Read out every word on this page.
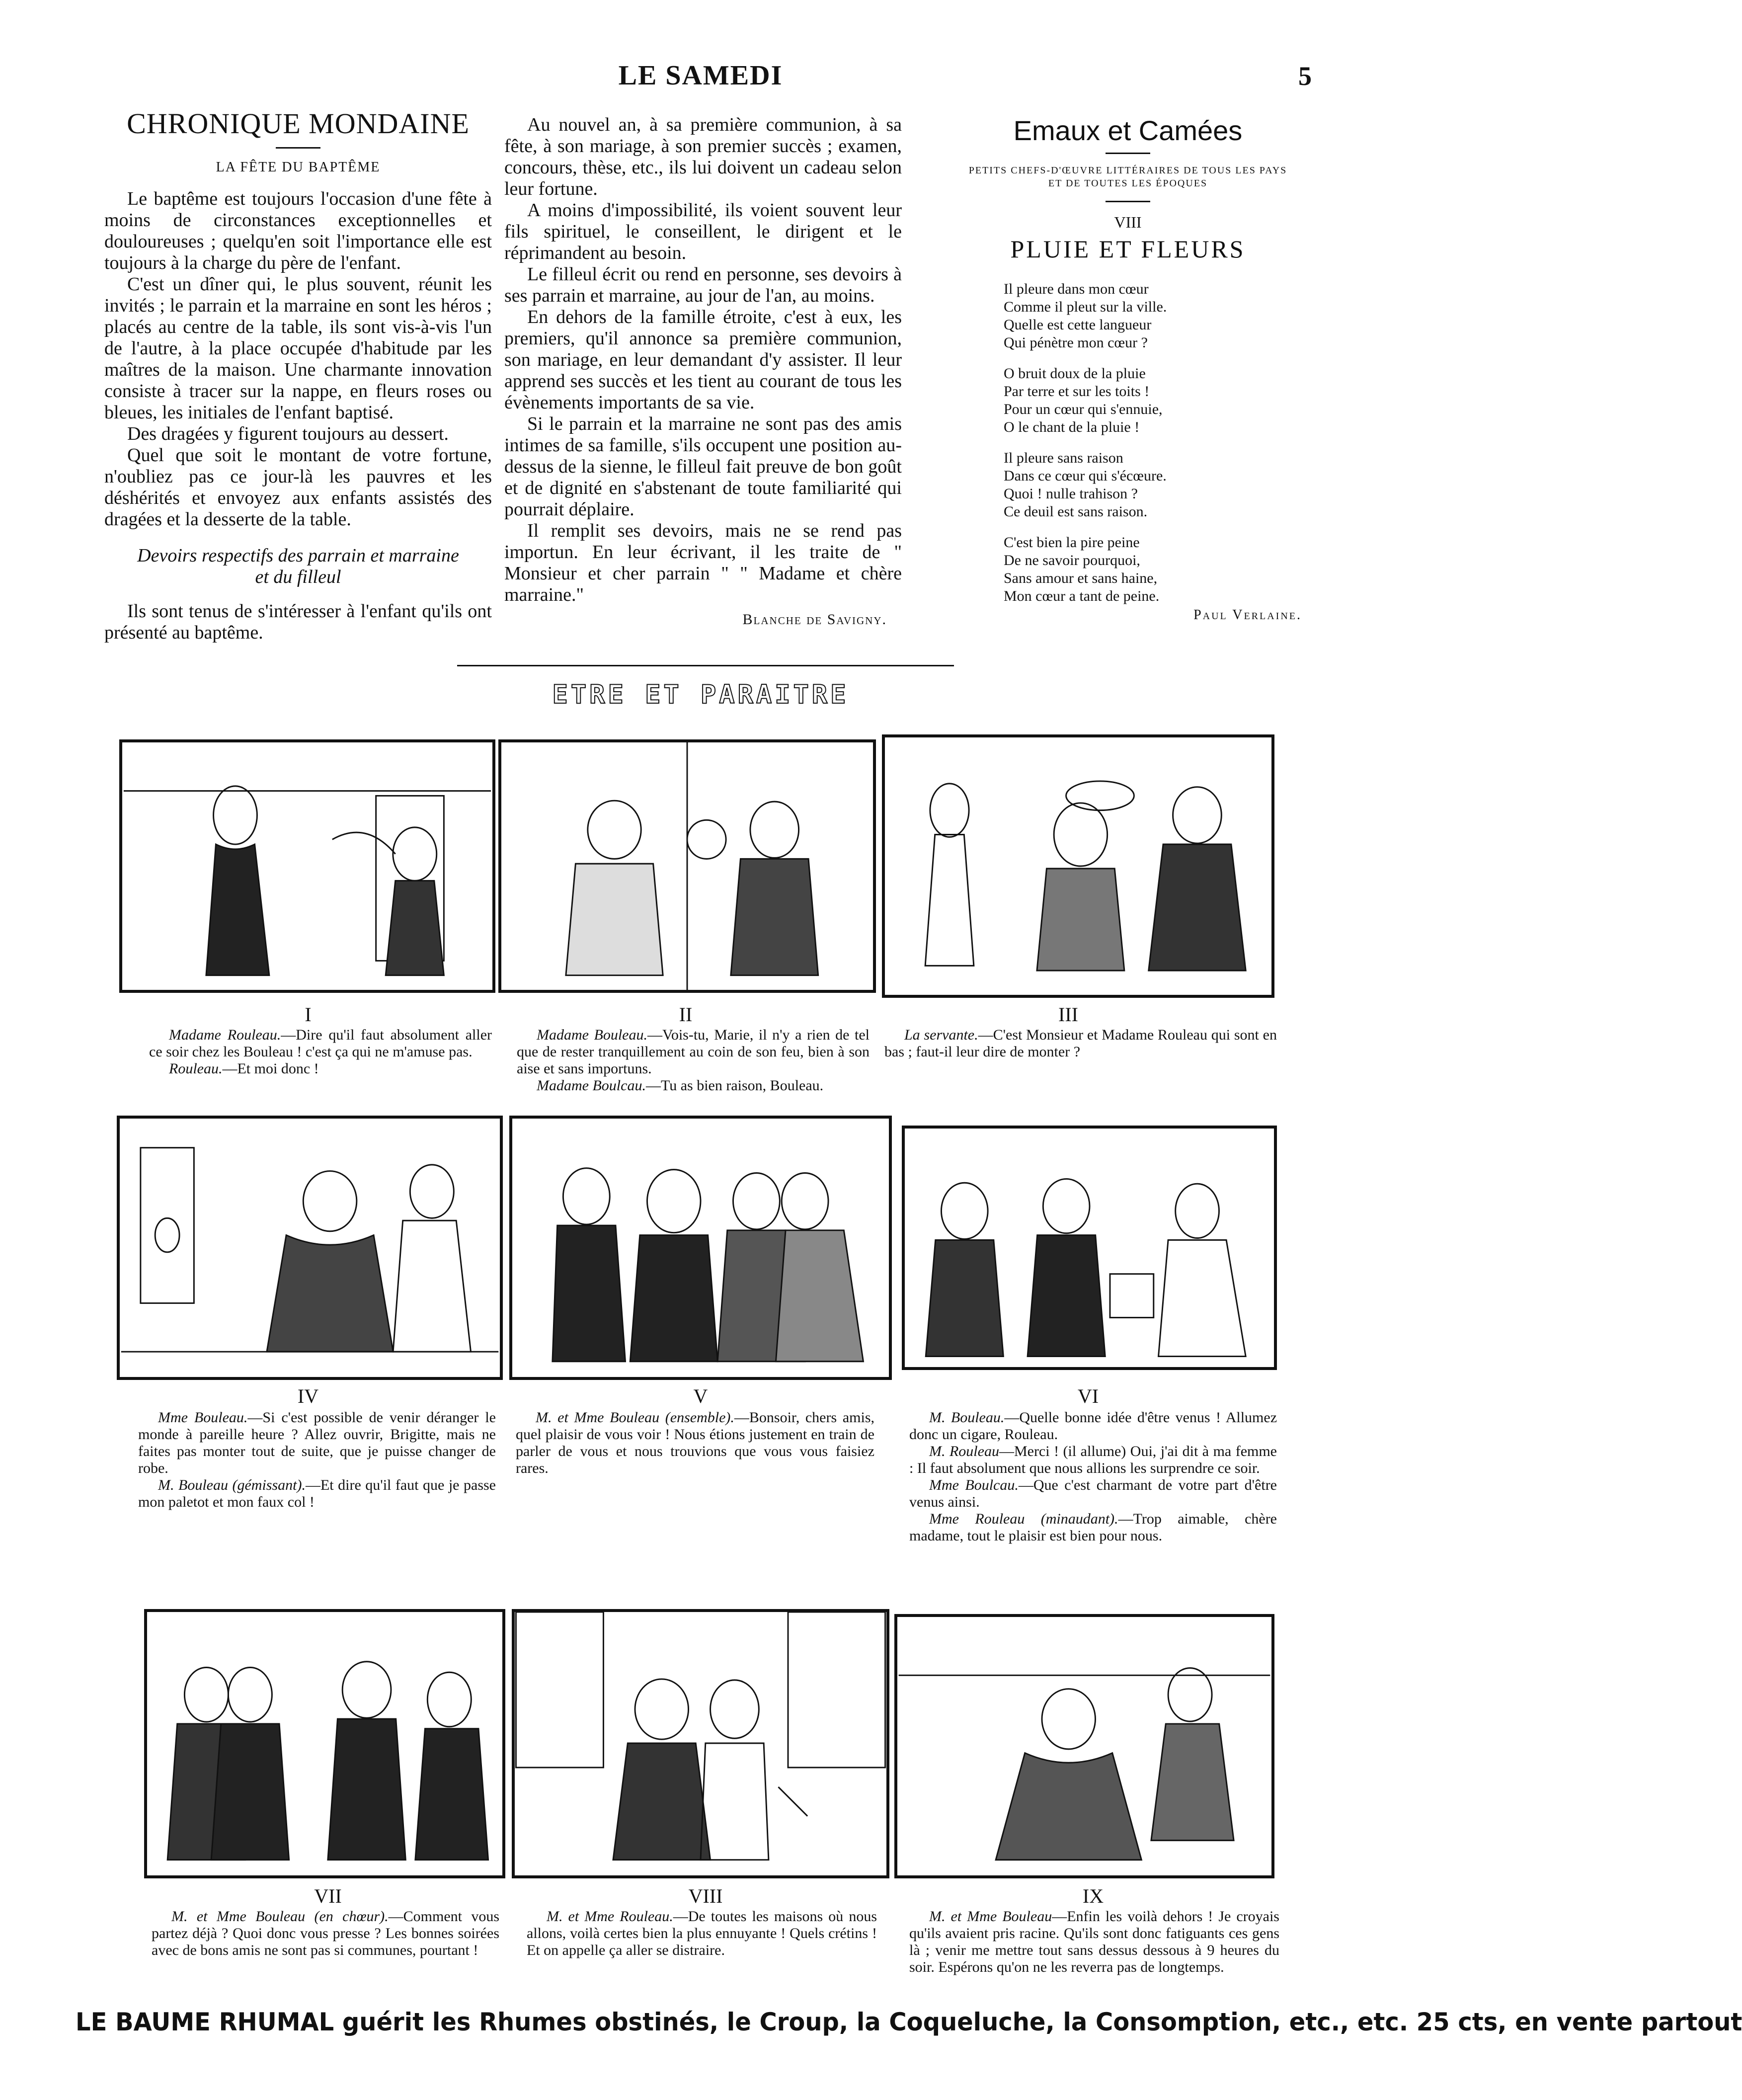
LE SAMEDI	5
CHRONIQUE MONDAINE
LA FÊTE DU BAPTÊME

Le baptême est toujours l'occasion d'une fête à moins de circonstances exceptionnelles et douloureuses ; quelqu'en soit l'importance elle est toujours à la charge du père de l'enfant.

C'est un dîner qui, le plus souvent, réunit les invités ; le parrain et la marraine en sont les héros ; placés au centre de la table, ils sont vis-à-vis l'un de l'autre, à la place occupée d'habitude par les maîtres de la maison. Une charmante innovation consiste à tracer sur la nappe, en fleurs roses ou bleues, les initiales de l'enfant baptisé.

Des dragées y figurent toujours au dessert.

Quel que soit le montant de votre fortune, n'oubliez pas ce jour-là les pauvres et les déshérités et envoyez aux enfants assistés des dragées et la desserte de la table.

Devoirs respectifs des parrain et marraine
et du filleul

Ils sont tenus de s'intéresser à l'enfant qu'ils ont présenté au baptême.

Au nouvel an, à sa première communion, à sa fête, à son mariage, à son premier succès ; examen, concours, thèse, etc., ils lui doivent un cadeau selon leur fortune.

A moins d'impossibilité, ils voient souvent leur fils spirituel, le conseillent, le dirigent et le réprimandent au besoin.

Le filleul écrit ou rend en personne, ses devoirs à ses parrain et marraine, au jour de l'an, au moins.

En dehors de la famille étroite, c'est à eux, les premiers, qu'il annonce sa première communion, son mariage, en leur demandant d'y assister. Il leur apprend ses succès et les tient au courant de tous les évènements importants de sa vie.

Si le parrain et la marraine ne sont pas des amis intimes de sa famille, s'ils occupent une position au-dessus de la sienne, le filleul fait preuve de bon goût et de dignité en s'abstenant de toute familiarité qui pourrait déplaire.

Il remplit ses devoirs, mais ne se rend pas importun. En leur écrivant, il les traite de " Monsieur et cher parrain " " Madame et chère marraine."

Blanche de Savigny.
Emaux et Camées
PETITS CHEFS-D'ŒUVRE LITTÉRAIRES DE TOUS LES PAYS
ET DE TOUTES LES ÉPOQUES
VIII
PLUIE ET FLEURS
Il pleure dans mon cœur
Comme il pleut sur la ville.
Quelle est cette langueur
Qui pénètre mon cœur ?
O bruit doux de la pluie
Par terre et sur les toits !
Pour un cœur qui s'ennuie,
O le chant de la pluie !
Il pleure sans raison
Dans ce cœur qui s'écœure.
Quoi ! nulle trahison ?
Ce deuil est sans raison.
C'est bien la pire peine
De ne savoir pourquoi,
Sans amour et sans haine,
Mon cœur a tant de peine.
Paul Verlaine.
ETRE ET PARAITRE
I	II	III

Madame Rouleau.—Dire qu'il faut absolument aller ce soir chez les Bouleau ! c'est ça qui ne m'amuse pas.

Rouleau.—Et moi donc !

Madame Bouleau.—Vois-tu, Marie, il n'y a rien de tel que de rester tranquillement au coin de son feu, bien à son aise et sans importuns.

Madame Boulcau.—Tu as bien raison, Bouleau.

La servante.—C'est Monsieur et Madame Rouleau qui sont en bas ; faut-il leur dire de monter ?

IV	V	VI

Mme Bouleau.—Si c'est possible de venir déranger le monde à pareille heure ? Allez ouvrir, Brigitte, mais ne faites pas monter tout de suite, que je puisse changer de robe.

M. Bouleau (gémissant).—Et dire qu'il faut que je passe mon paletot et mon faux col !

M. et Mme Bouleau (ensemble).—Bonsoir, chers amis, quel plaisir de vous voir ! Nous étions justement en train de parler de vous et nous trouvions que vous vous faisiez rares.

M. Bouleau.—Quelle bonne idée d'être venus ! Allumez donc un cigare, Rouleau.

M. Rouleau—Merci ! (il allume) Oui, j'ai dit à ma femme : Il faut absolument que nous allions les surprendre ce soir.

Mme Boulcau.—Que c'est charmant de votre part d'être venus ainsi.

Mme Rouleau (minaudant).—Trop aimable, chère madame, tout le plaisir est bien pour nous.

VII	VIII	IX

M. et Mme Bouleau (en chœur).—Comment vous partez déjà ? Quoi donc vous presse ? Les bonnes soirées avec de bons amis ne sont pas si communes, pourtant !

M. et Mme Rouleau.—De toutes les maisons où nous allons, voilà certes bien la plus ennuyante ! Quels crétins ! Et on appelle ça aller se distraire.

M. et Mme Bouleau—Enfin les voilà dehors ! Je croyais qu'ils avaient pris racine. Qu'ils sont donc fatiguants ces gens là ; venir me mettre tout sans dessus dessous à 9 heures du soir. Espérons qu'on ne les reverra pas de longtemps.

LE BAUME RHUMAL guérit les Rhumes obstinés, le Croup, la Coqueluche, la Consomption, etc., etc. 25 cts, en vente partout
